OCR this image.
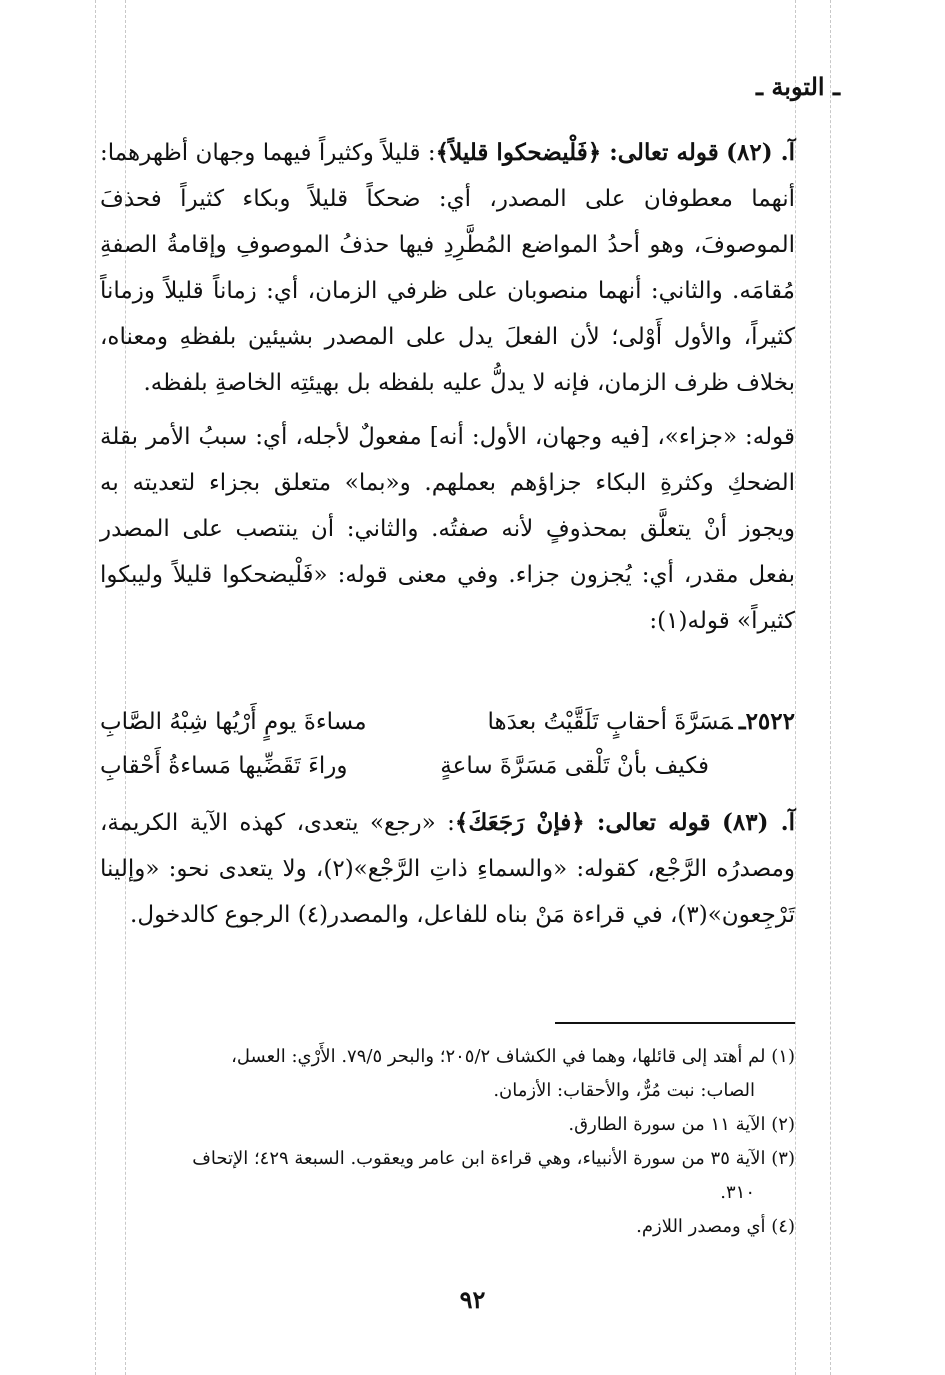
ـ التوبة ـ

آ. (٨٢) قوله تعالى: ﴿فَلْيضحكوا قليلاً﴾: قليلاً وكثيراً فيهما وجهان أظهرهما: أنهما معطوفان على المصدر، أي: ضحكاً قليلاً وبكاء كثيراً فحذفَ الموصوفَ، وهو أحدُ المواضع المُطَّرِدِ فيها حذفُ الموصوفِ وإقامةُ الصفةِ مُقامَه. والثاني: أنهما منصوبان على ظرفي الزمان، أي: زماناً قليلاً وزماناً كثيراً، والأول أَوْلى؛ لأن الفعلَ يدل على المصدر بشيئين بلفظهِ ومعناه، بخلاف ظرف الزمان، فإنه لا يدلُّ عليه بلفظه بل بهيئتِه الخاصةِ بلفظه.

قوله: «جزاء»، [فيه وجهان، الأول: أنه] مفعولٌ لأجله، أي: سببُ الأمر بقلة الضحكِ وكثرةِ البكاء جزاؤهم بعملهم. و«بما» متعلق بجزاء لتعديته به ويجوز أنْ يتعلَّق بمحذوفٍ لأنه صفتُه. والثاني: أن ينتصب على المصدر بفعل مقدر، أي: يُجزون جزاء. وفي معنى قوله: «فَلْيضحكوا قليلاً وليبكوا كثيراً» قوله(١):

٢٥٢٢ـمَسَرَّةَ أحقابٍ تَلَقَّيْتُ بعدَها
مساءةَ يومٍ أَرْيُها شِبْهُ الصَّابِ
فكيف بأنْ تَلْقى مَسَرَّةَ ساعةٍ
وراءَ تَقَضِّيها مَساءةُ أَحْقابِ

آ. (٨٣) قوله تعالى: ﴿فإنْ رَجَعَكَ﴾: «رجع» يتعدى، كهذه الآية الكريمة، ومصدرُه الرَّجْع، كقوله: «والسماءِ ذاتِ الرَّجْع»(٢)، ولا يتعدى نحو: «وإلينا تَرْجِعون»(٣)، في قراءة مَنْ بناه للفاعل، والمصدر(٤) الرجوع كالدخول.

(١) لم أهتد إلى قائلها، وهما في الكشاف ٢٠٥/٢؛ والبحر ٧٩/٥. الأَرْي: العسل،

الصاب: نبت مُرٌّ، والأحقاب: الأزمان.

(٢) الآية ١١ من سورة الطارق.

(٣) الآية ٣٥ من سورة الأنبياء، وهي قراءة ابن عامر ويعقوب. السبعة ٤٢٩؛ الإتحاف

٣١٠.

(٤) أي ومصدر اللازم.

٩٢
